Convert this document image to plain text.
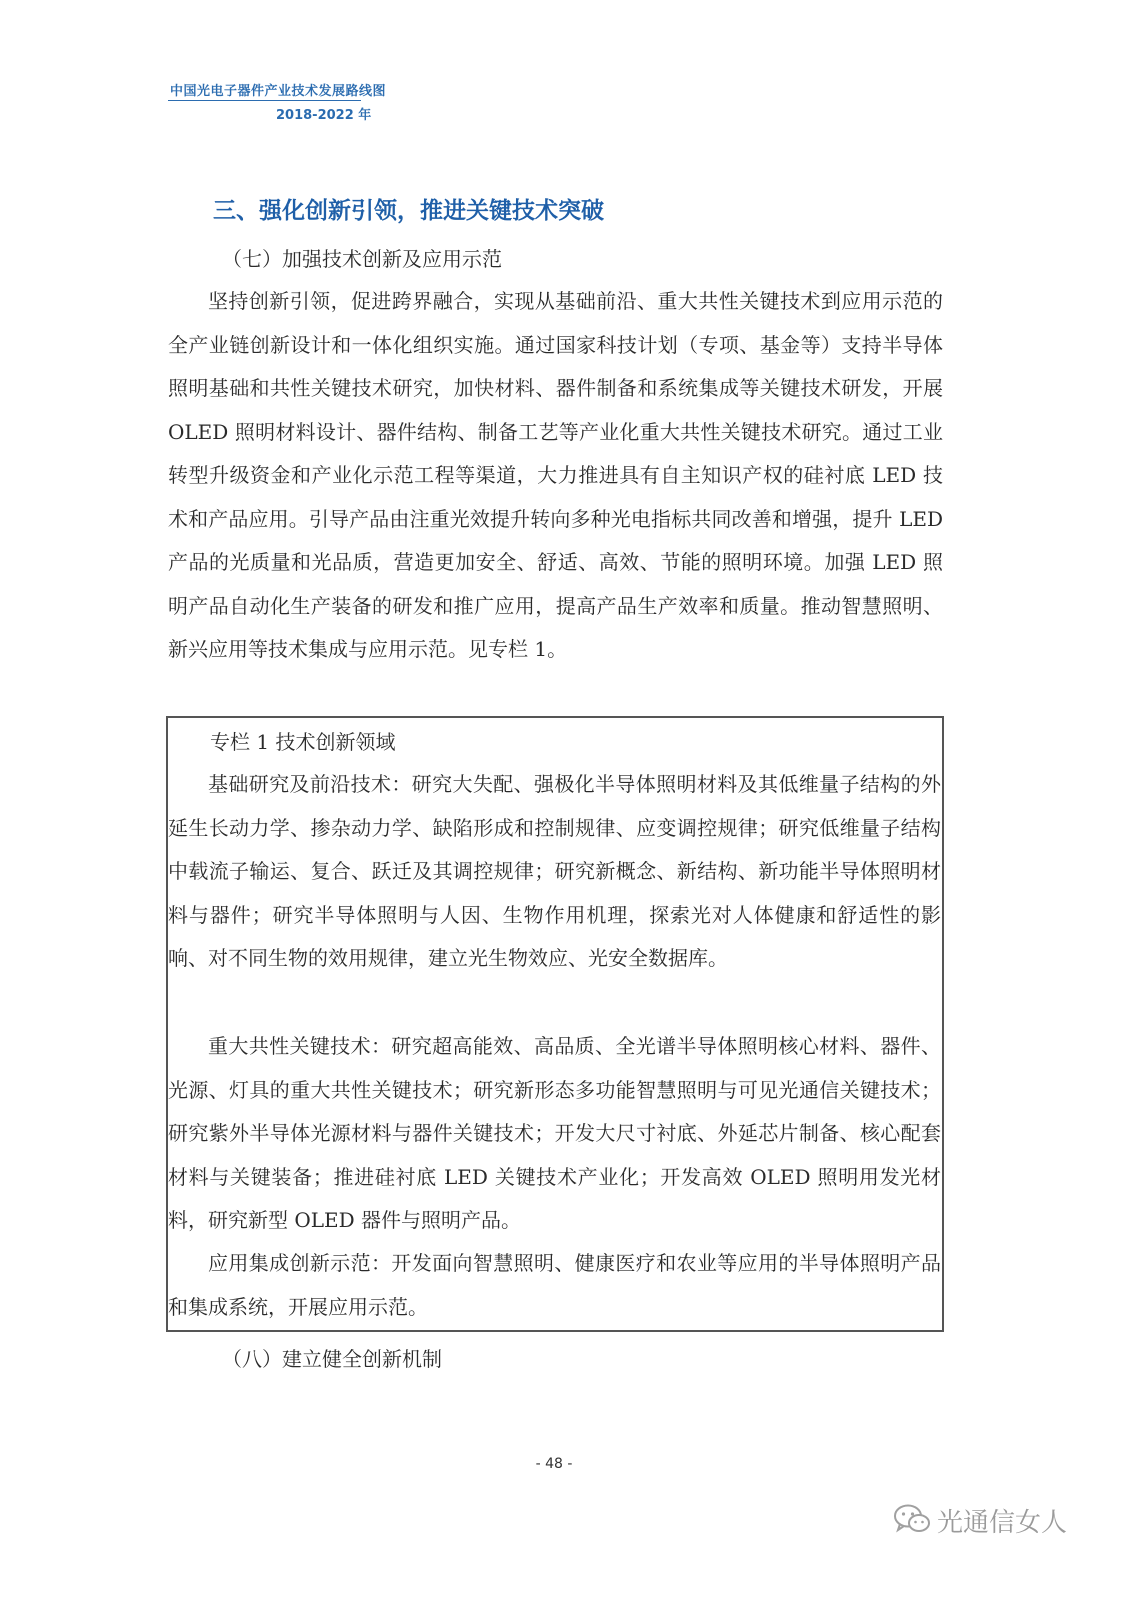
中国光电子器件产业技术发展路线图
2018-2022 年
三、强化创新引领，推进关键技术突破
（七）加强技术创新及应用示范

坚持创新引领，促进跨界融合，实现从基础前沿、重大共性关键技术到应用示范的全产业链创新设计和一体化组织实施。通过国家科技计划（专项、基金等）支持半导体照明基础和共性关键技术研究，加快材料、器件制备和系统集成等关键技术研发，开展 OLED 照明材料设计、器件结构、制备工艺等产业化重大共性关键技术研究。通过工业转型升级资金和产业化示范工程等渠道，大力推进具有自主知识产权的硅衬底 LED 技术和产品应用。引导产品由注重光效提升转向多种光电指标共同改善和增强，提升 LED 产品的光质量和光品质，营造更加安全、舒适、高效、节能的照明环境。加强 LED 照明产品自动化生产装备的研发和推广应用，提高产品生产效率和质量。推动智慧照明、新兴应用等技术集成与应用示范。见专栏 1。

专栏 1 技术创新领域

基础研究及前沿技术：研究大失配、强极化半导体照明材料及其低维量子结构的外延生长动力学、掺杂动力学、缺陷形成和控制规律、应变调控规律；研究低维量子结构中载流子输运、复合、跃迁及其调控规律；研究新概念、新结构、新功能半导体照明材料与器件；研究半导体照明与人因、生物作用机理，探索光对人体健康和舒适性的影响、对不同生物的效用规律，建立光生物效应、光安全数据库。

重大共性关键技术：研究超高能效、高品质、全光谱半导体照明核心材料、器件、光源、灯具的重大共性关键技术；研究新形态多功能智慧照明与可见光通信关键技术；研究紫外半导体光源材料与器件关键技术；开发大尺寸衬底、外延芯片制备、核心配套材料与关键装备；推进硅衬底 LED 关键技术产业化；开发高效 OLED 照明用发光材料，研究新型 OLED 器件与照明产品。

应用集成创新示范：开发面向智慧照明、健康医疗和农业等应用的半导体照明产品和集成系统，开展应用示范。

（八）建立健全创新机制
- 48 -
光通信女人
